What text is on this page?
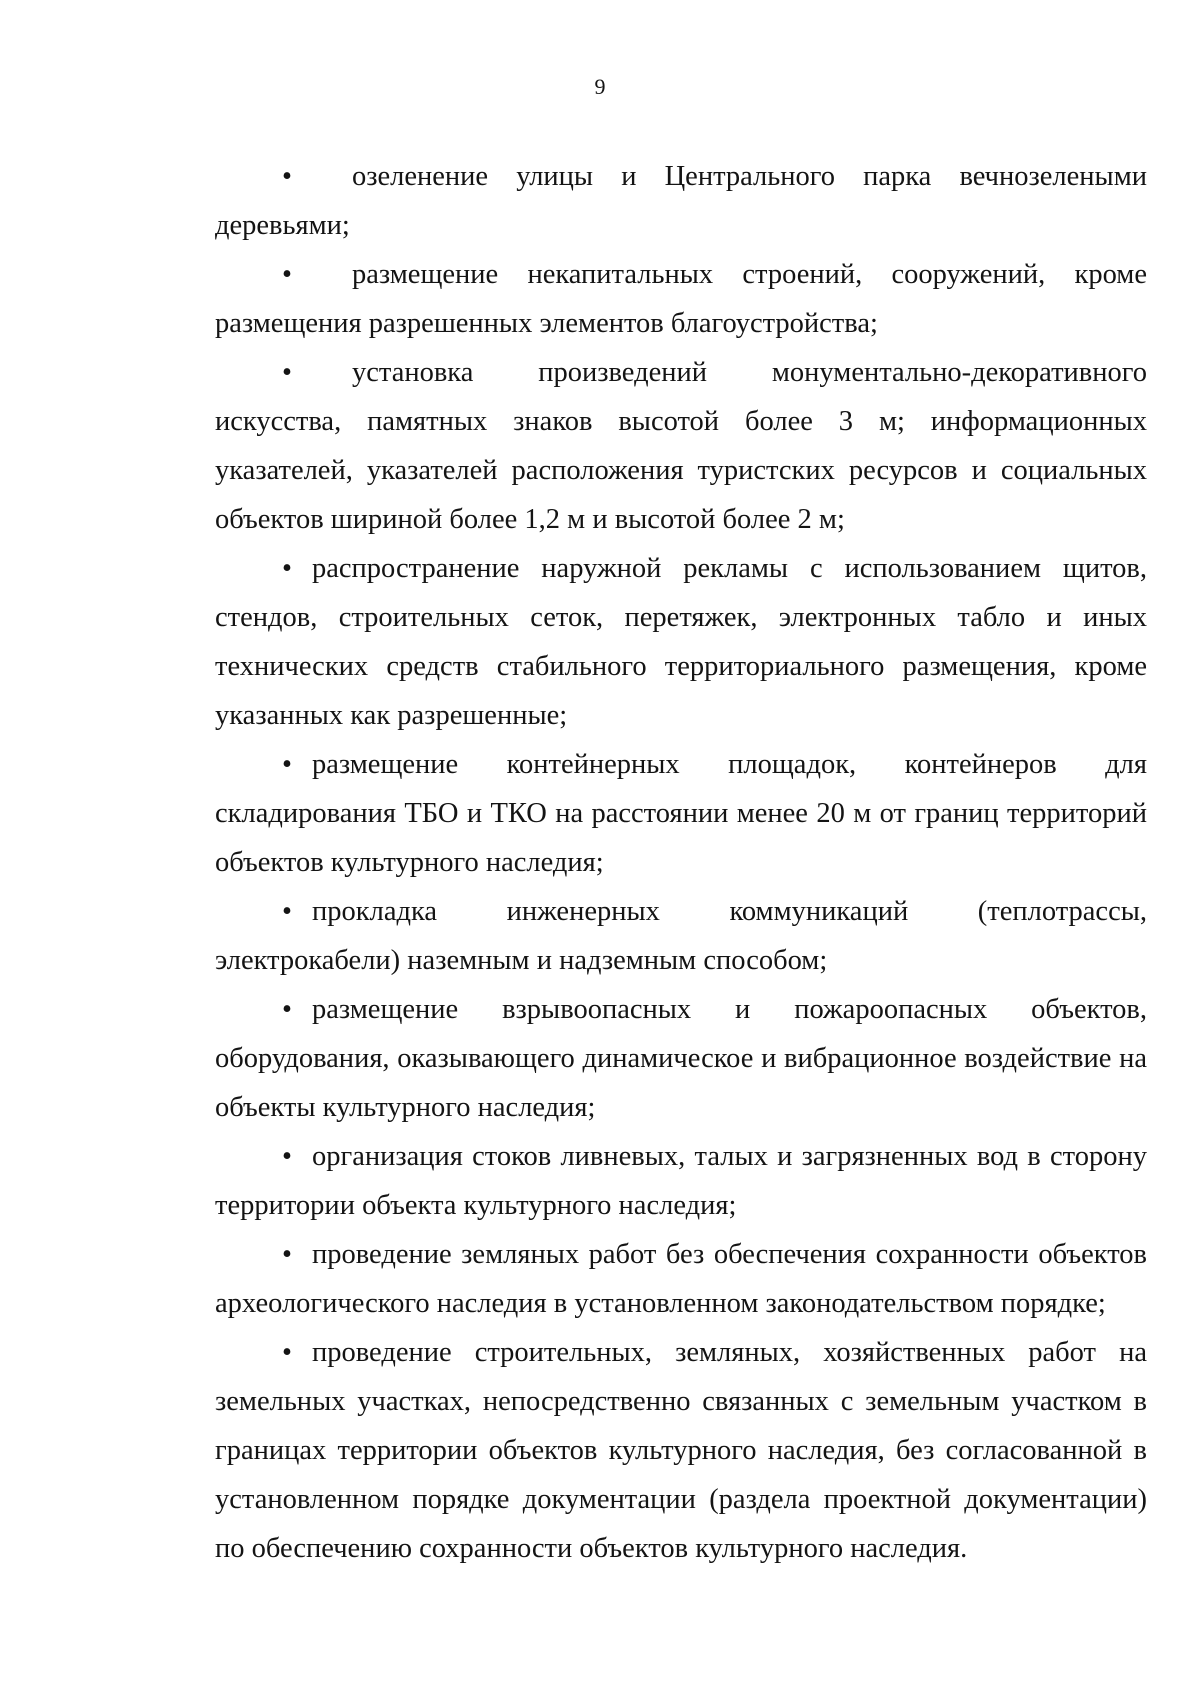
9

• озеленение улицы и Центрального парка вечнозелеными деревьями;

• размещение некапитальных строений, сооружений, кроме размещения разрешенных элементов благоустройства;

• установка произведений монументально-декоративного искусства, памятных знаков высотой более 3 м; информационных указателей, указателей расположения туристских ресурсов и социальных объектов шириной более 1,2 м и высотой более 2 м;

• распространение наружной рекламы с использованием щитов, стендов, строительных сеток, перетяжек, электронных табло и иных технических средств стабильного территориального размещения, кроме указанных как разрешенные;

• размещение контейнерных площадок, контейнеров для складирования ТБО и ТКО на расстоянии менее 20 м от границ территорий объектов культурного наследия;

• прокладка инженерных коммуникаций (теплотрассы, электрокабели) наземным и надземным способом;

• размещение взрывоопасных и пожароопасных объектов, оборудования, оказывающего динамическое и вибрационное воздействие на объекты культурного наследия;

• организация стоков ливневых, талых и загрязненных вод в сторону территории объекта культурного наследия;

• проведение земляных работ без обеспечения сохранности объектов археологического наследия в установленном законодательством порядке;

• проведение строительных, земляных, хозяйственных работ на земельных участках, непосредственно связанных с земельным участком в границах территории объектов культурного наследия, без согласованной в установленном порядке документации (раздела проектной документации) по обеспечению сохранности объектов культурного наследия.
